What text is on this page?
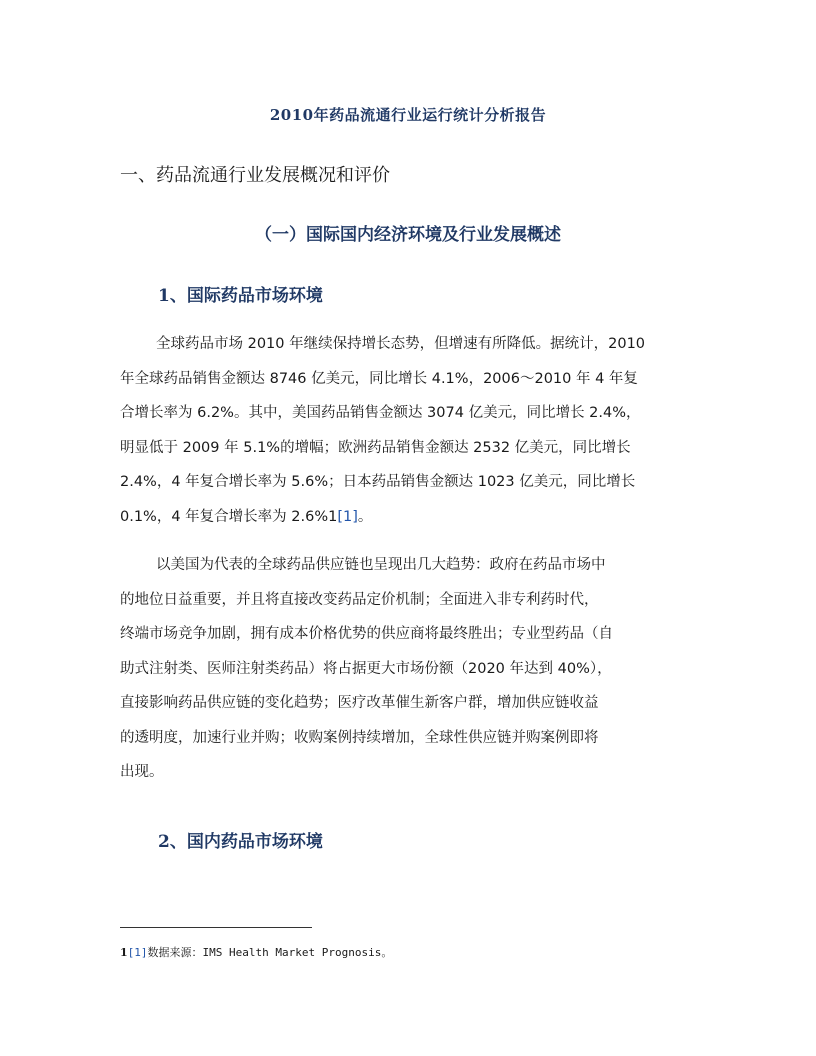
2010年药品流通行业运行统计分析报告
一、药品流通行业发展概况和评价
（一）国际国内经济环境及行业发展概述
1、国际药品市场环境
全球药品市场 2010 年继续保持增长态势，但增速有所降低。据统计，2010
年全球药品销售金额达 8746 亿美元，同比增长 4.1%，2006～2010 年 4 年复
合增长率为 6.2%。其中，美国药品销售金额达 3074 亿美元，同比增长 2.4%，
明显低于 2009 年 5.1%的增幅；欧洲药品销售金额达 2532 亿美元，同比增长
2.4%，4 年复合增长率为 5.6%；日本药品销售金额达 1023 亿美元，同比增长
0.1%，4 年复合增长率为 2.6%1[1]。
以美国为代表的全球药品供应链也呈现出几大趋势：政府在药品市场中
的地位日益重要，并且将直接改变药品定价机制；全面进入非专利药时代，
终端市场竞争加剧，拥有成本价格优势的供应商将最终胜出；专业型药品（自
助式注射类、医师注射类药品）将占据更大市场份额（2020 年达到 40%），
直接影响药品供应链的变化趋势；医疗改革催生新客户群，增加供应链收益
的透明度，加速行业并购；收购案例持续增加，全球性供应链并购案例即将
出现。
2、国内药品市场环境
1[1]数据来源：IMS Health Market Prognosis。
